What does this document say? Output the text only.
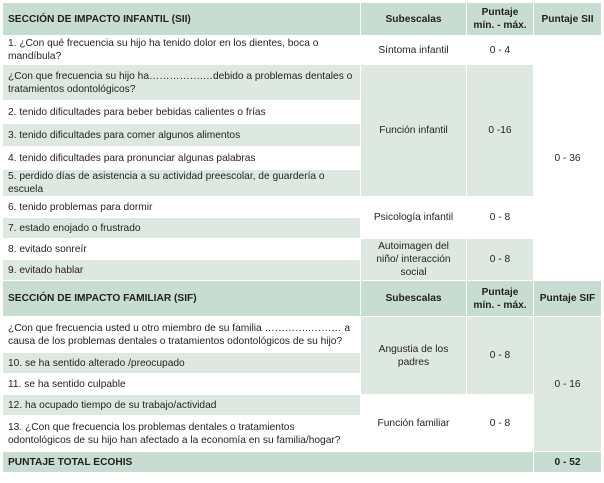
SECCIÓN DE IMPACTO INFANTIL (SII)	Subescalas	Puntaje mín. - máx.	Puntaje SII
1. ¿Con qué frecuencia su hijo ha tenido dolor en los dientes, boca o mandíbula?	Síntoma infantil	0 - 4	0 - 36
¿Con que frecuencia su hijo ha…………….…debido a problemas dentales o tratamientos odontológicos?	Función infantil	0 -16	
2. tenido dificultades para beber bebidas calientes o frías			
3. tenido dificultades para comer algunos alimentos			
4. tenido dificultades para pronunciar algunas palabras			
5. perdido días de asistencia a su actividad preescolar, de guardería o escuela			
6. tenido problemas para dormir	Psicología infantil	0 - 8	
7. estado enojado o frustrado			
8. evitado sonreír	Autoimagen del niño/ interacción social	0 - 8	
9. evitado hablar			
SECCIÓN DE IMPACTO FAMILIAR (SIF)	Subescalas	Puntaje mín. - máx.	Puntaje SIF
¿Con que frecuencia usted u otro miembro de su familia …………..……… a causa de los problemas dentales o tratamientos odontológicos de su hijo?	Angustia de los padres	0 - 8	0 - 16
10. se ha sentido alterado /preocupado			
11. se ha sentido culpable			
12. ha ocupado tiempo de su trabajo/actividad	Función familiar	0 - 8	
13. ¿Con que frecuencia los problemas dentales o tratamientos odontológicos de su hijo han afectado a la economía en su familia/hogar?			
PUNTAJE TOTAL ECOHIS			0 - 52
